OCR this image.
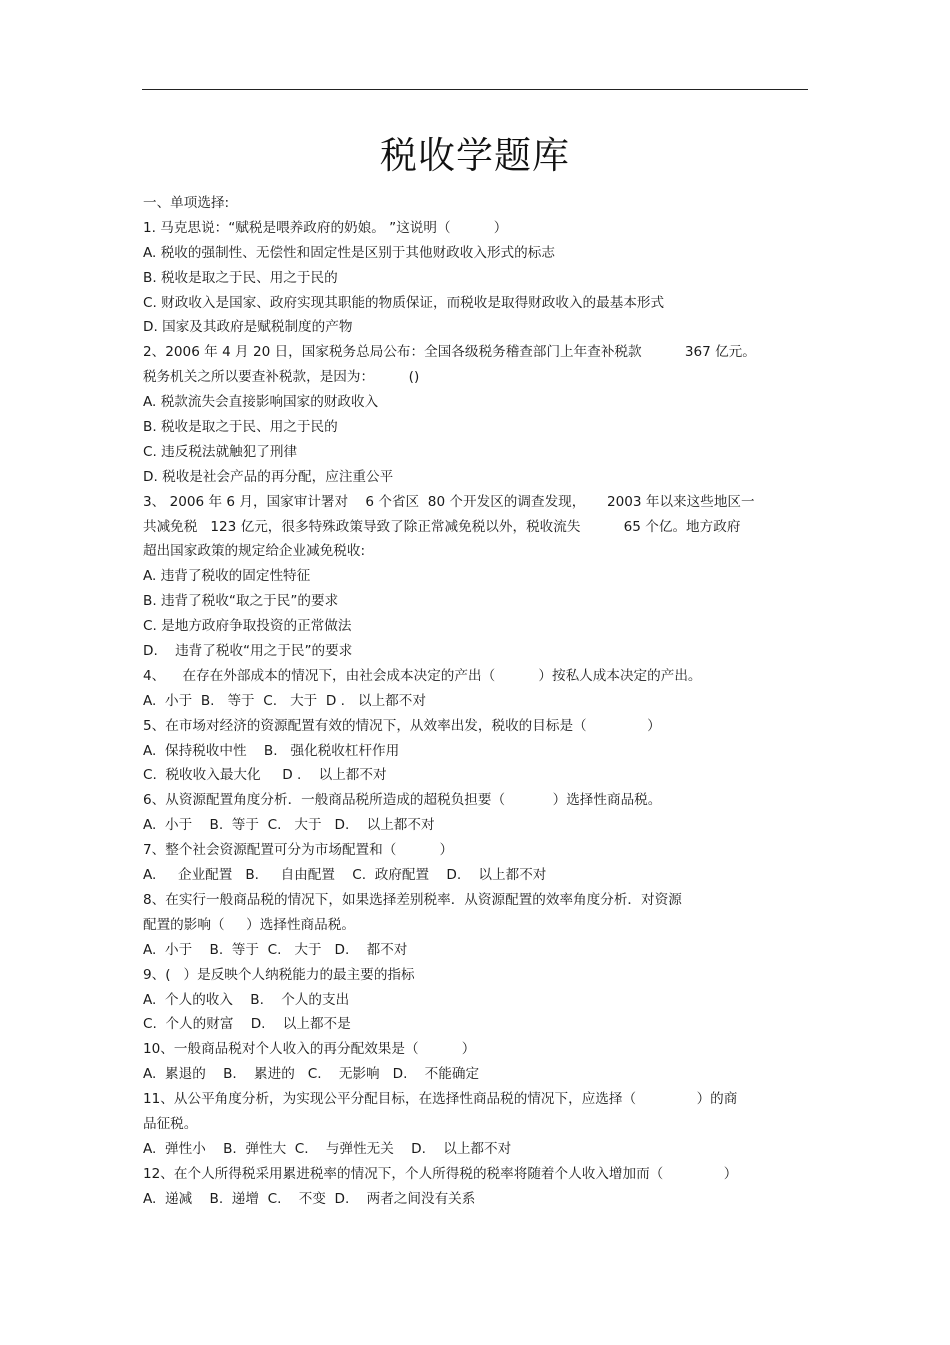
税收学题库
一、单项选择:
1. 马克思说：“赋税是喂养政府的奶娘。 ”这说明（          ）
A. 税收的强制性、无偿性和固定性是区别于其他财政收入形式的标志
B. 税收是取之于民、用之于民的
C. 财政收入是国家、政府实现其职能的物质保证，而税收是取得财政收入的最基本形式
D. 国家及其政府是赋税制度的产物
2、2006 年 4 月 20 日，国家税务总局公布：全国各级税务稽查部门上年查补税款          367 亿元。
税务机关之所以要查补税款，是因为：        ()
A. 税款流失会直接影响国家的财政收入
B. 税收是取之于民、用之于民的
C. 违反税法就触犯了刑律
D. 税收是社会产品的再分配，应注重公平
3、 2006 年 6 月，国家审计署对    6 个省区  80 个开发区的调查发现，     2003 年以来这些地区一
共减免税   123 亿元，很多特殊政策导致了除正常减免税以外，税收流失          65 个亿。地方政府
超出国家政策的规定给企业减免税收:
A. 违背了税收的固定性特征
B. 违背了税收“取之于民”的要求
C. 是地方政府争取投资的正常做法
D.    违背了税收“用之于民”的要求
4、    在存在外部成本的情况下，由社会成本决定的产出（          ）按私人成本决定的产出。
A.  小于  B.   等于  C.   大于  D .   以上都不对
5、在市场对经济的资源配置有效的情况下，从效率出发，税收的目标是（              ）
A.  保持税收中性    B.   强化税收杠杆作用
C.  税收收入最大化     D .    以上都不对
6、从资源配置角度分析．一般商品税所造成的超税负担要（           ）选择性商品税。
A.  小于    B.  等于  C.   大于   D.    以上都不对
7、整个社会资源配置可分为市场配置和（          ）
A.     企业配置   B.     自由配置    C.  政府配置    D.    以上都不对
8、在实行一般商品税的情况下，如果选择差别税率．从资源配置的效率角度分析．对资源
配置的影响（     ）选择性商品税。
A.  小于    B.  等于  C.   大于   D.    都不对
9、(   ）是反映个人纳税能力的最主要的指标
A.  个人的收入    B.    个人的支出
C.  个人的财富    D.    以上都不是
10、一般商品税对个人收入的再分配效果是（          ）
A.  累退的    B.    累进的   C.    无影响   D.    不能确定
11、从公平角度分析，为实现公平分配目标，在选择性商品税的情况下，应选择（              ）的商
品征税。
A.  弹性小    B.  弹性大  C.    与弹性无关    D.    以上都不对
12、在个人所得税采用累进税率的情况下，个人所得税的税率将随着个人收入增加而（              ）
A.  递减    B.  递增  C.    不变  D.    两者之间没有关系
